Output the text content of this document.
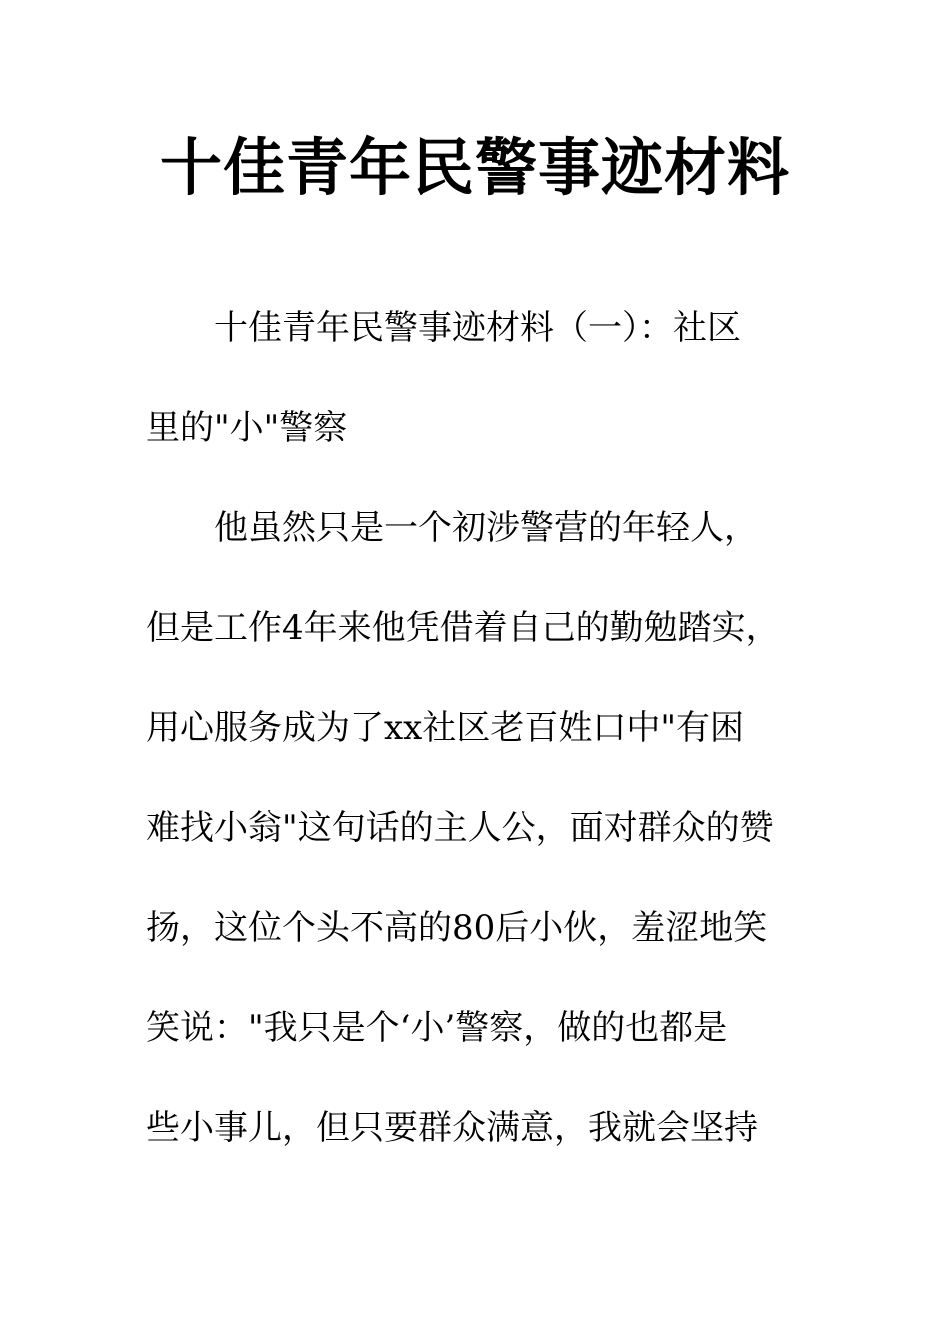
十佳青年民警事迹材料

　　十佳青年民警事迹材料（一）：社区

里的"小"警察

　　他虽然只是一个初涉警营的年轻人，

但是工作4年来他凭借着自己的勤勉踏实，

用心服务成为了xx社区老百姓口中"有困

难找小翁"这句话的主人公，面对群众的赞

扬，这位个头不高的80后小伙，羞涩地笑

笑说："我只是个‘小’警察，做的也都是

些小事儿，但只要群众满意，我就会坚持
